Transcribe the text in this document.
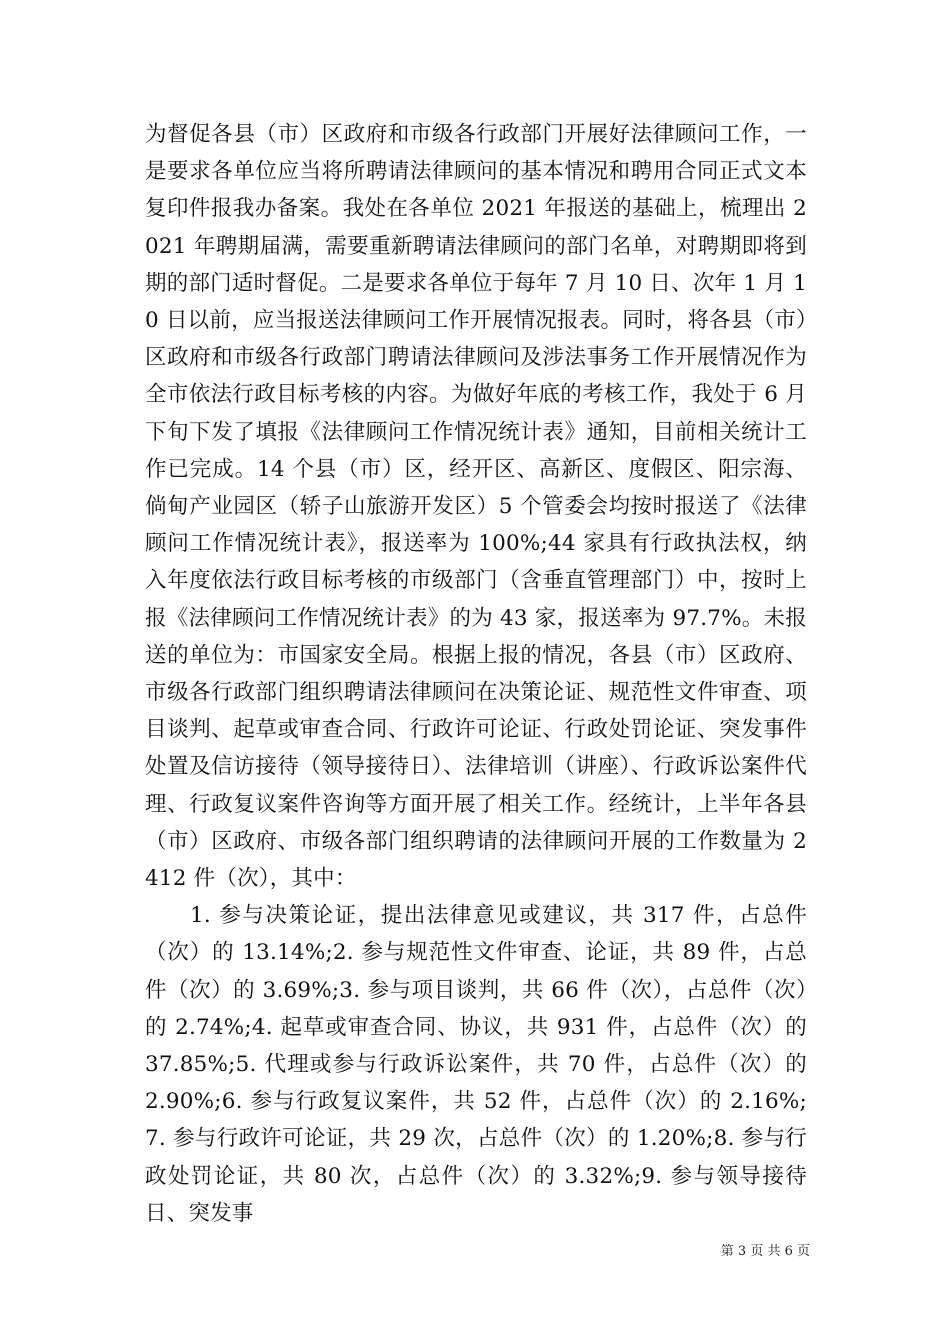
为督促各县（市）区政府和市级各行政部门开展好法律顾问工作，一是要求各单位应当将所聘请法律顾问的基本情况和聘用合同正式文本复印件报我办备案。我处在各单位 2021 年报送的基础上，梳理出 2021 年聘期届满，需要重新聘请法律顾问的部门名单，对聘期即将到期的部门适时督促。二是要求各单位于每年 7 月 10 日、次年 1 月 10 日以前，应当报送法律顾问工作开展情况报表。同时，将各县（市）区政府和市级各行政部门聘请法律顾问及涉法事务工作开展情况作为全市依法行政目标考核的内容。为做好年底的考核工作，我处于 6 月下旬下发了填报《法律顾问工作情况统计表》通知，目前相关统计工作已完成。14 个县（市）区，经开区、高新区、度假区、阳宗海、倘甸产业园区（轿子山旅游开发区）5 个管委会均按时报送了《法律顾问工作情况统计表》，报送率为 100%;44 家具有行政执法权，纳入年度依法行政目标考核的市级部门（含垂直管理部门）中，按时上报《法律顾问工作情况统计表》的为 43 家，报送率为 97.7%。未报送的单位为：市国家安全局。根据上报的情况，各县（市）区政府、市级各行政部门组织聘请法律顾问在决策论证、规范性文件审查、项目谈判、起草或审查合同、行政许可论证、行政处罚论证、突发事件处置及信访接待（领导接待日）、法律培训（讲座）、行政诉讼案件代理、行政复议案件咨询等方面开展了相关工作。经统计，上半年各县（市）区政府、市级各部门组织聘请的法律顾问开展的工作数量为 2412 件（次），其中：

1. 参与决策论证，提出法律意见或建议，共 317 件，占总件（次）的 13.14%;2. 参与规范性文件审查、论证，共 89 件，占总件（次）的 3.69%;3. 参与项目谈判，共 66 件（次），占总件（次）的 2.74%;4. 起草或审查合同、协议，共 931 件，占总件（次）的 37.85%;5. 代理或参与行政诉讼案件，共 70 件，占总件（次）的 2.90%;6. 参与行政复议案件，共 52 件，占总件（次）的 2.16%;7. 参与行政许可论证，共 29 次，占总件（次）的 1.20%;8. 参与行政处罚论证，共 80 次，占总件（次）的 3.32%;9. 参与领导接待日、突发事

第 3 页 共 6 页
